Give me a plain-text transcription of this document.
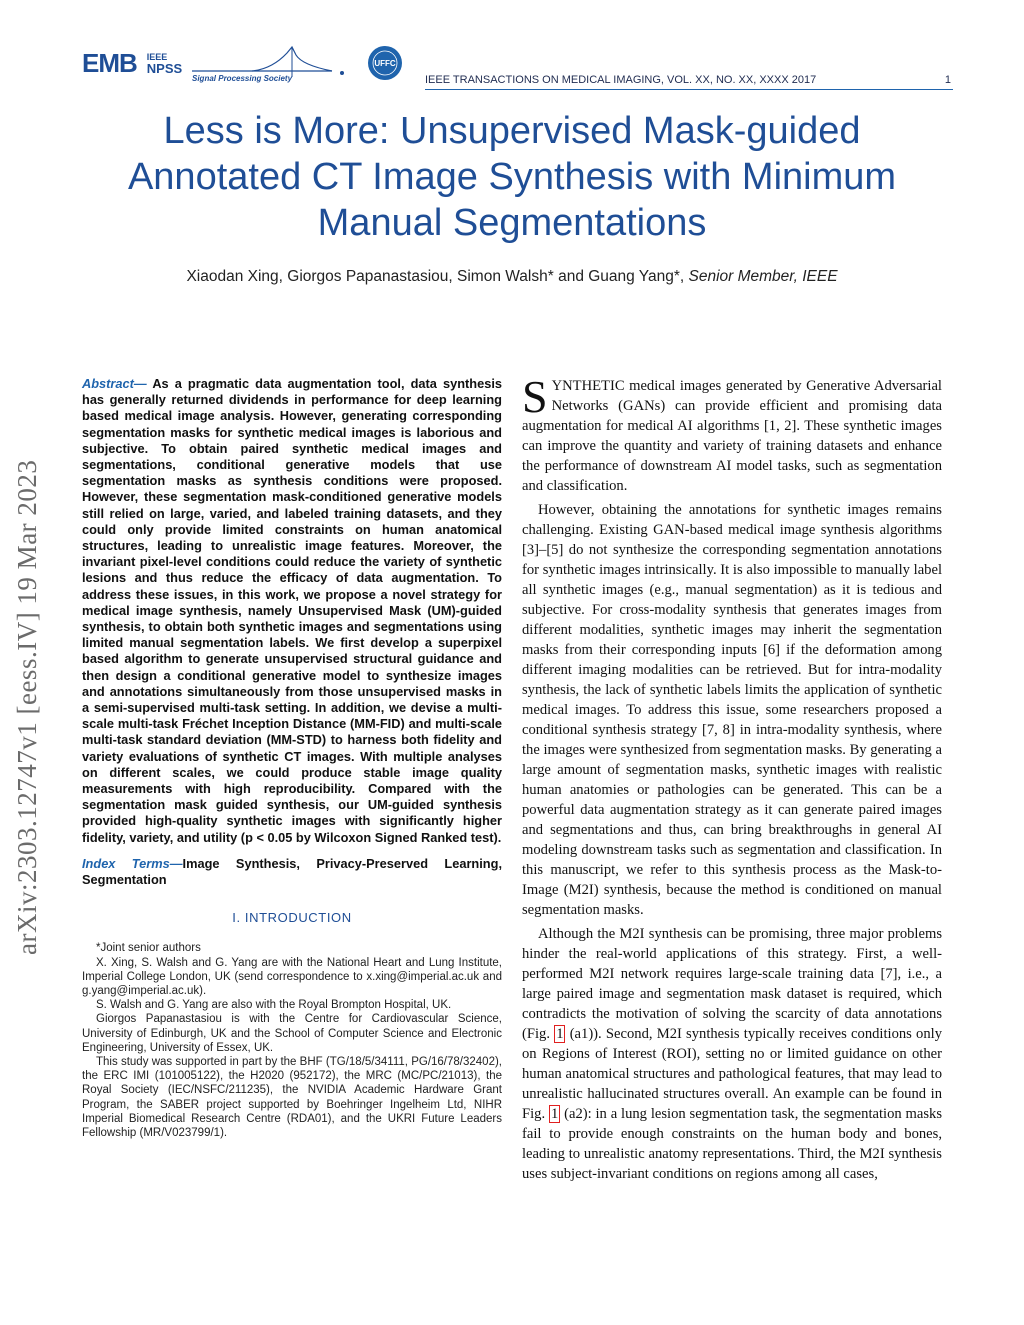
EMB IEEE
NPSS
Signal Processing Society
UFFC
IEEE TRANSACTIONS ON MEDICAL IMAGING, VOL. XX, NO. XX, XXXX 2017	1
Less is More: Unsupervised Mask-guided Annotated CT Image Synthesis with Minimum Manual Segmentations
Xiaodan Xing, Giorgos Papanastasiou, Simon Walsh* and Guang Yang*, Senior Member, IEEE
arXiv:2303.12747v1 [eess.IV] 19 Mar 2023

Abstract— As a pragmatic data augmentation tool, data synthesis has generally returned dividends in performance for deep learning based medical image analysis. However, generating corresponding segmentation masks for synthetic medical images is laborious and subjective. To obtain paired synthetic medical images and segmentations, conditional generative models that use segmentation masks as synthesis conditions were proposed. However, these segmentation mask-conditioned generative models still relied on large, varied, and labeled training datasets, and they could only provide limited constraints on human anatomical structures, leading to unrealistic image features. Moreover, the invariant pixel-level conditions could reduce the variety of synthetic lesions and thus reduce the efficacy of data augmentation. To address these issues, in this work, we propose a novel strategy for medical image synthesis, namely Unsupervised Mask (UM)-guided synthesis, to obtain both synthetic images and segmentations using limited manual segmentation labels. We first develop a superpixel based algorithm to generate unsupervised structural guidance and then design a conditional generative model to synthesize images and annotations simultaneously from those unsupervised masks in a semi-supervised multi-task setting. In addition, we devise a multi-scale multi-task Fréchet Inception Distance (MM-FID) and multi-scale multi-task standard deviation (MM-STD) to harness both fidelity and variety evaluations of synthetic CT images. With multiple analyses on different scales, we could produce stable image quality measurements with high reproducibility. Compared with the segmentation mask guided synthesis, our UM-guided synthesis provided high-quality synthetic images with significantly higher fidelity, variety, and utility (p < 0.05 by Wilcoxon Signed Ranked test).

Index Terms—Image Synthesis, Privacy-Preserved Learning, Segmentation

I. INTRODUCTION

*Joint senior authors

X. Xing, S. Walsh and G. Yang are with the National Heart and Lung Institute, Imperial College London, UK (send correspondence to x.xing@imperial.ac.uk and g.yang@imperial.ac.uk).

S. Walsh and G. Yang are also with the Royal Brompton Hospital, UK.

Giorgos Papanastasiou is with the Centre for Cardiovascular Science, University of Edinburgh, UK and the School of Computer Science and Electronic Engineering, University of Essex, UK.

This study was supported in part by the BHF (TG/18/5/34111, PG/16/78/32402), the ERC IMI (101005122), the H2020 (952172), the MRC (MC/PC/21013), the Royal Society (IEC/NSFC/211235), the NVIDIA Academic Hardware Grant Program, the SABER project supported by Boehringer Ingelheim Ltd, NIHR Imperial Biomedical Research Centre (RDA01), and the UKRI Future Leaders Fellowship (MR/V023799/1).

SYNTHETIC medical images generated by Generative Adversarial Networks (GANs) can provide efficient and promising data augmentation for medical AI algorithms [1, 2]. These synthetic images can improve the quantity and variety of training datasets and enhance the performance of downstream AI model tasks, such as segmentation and classification.

However, obtaining the annotations for synthetic images remains challenging. Existing GAN-based medical image synthesis algorithms [3]–[5] do not synthesize the corresponding segmentation annotations for synthetic images intrinsically. It is also impossible to manually label all synthetic images (e.g., manual segmentation) as it is tedious and subjective. For cross-modality synthesis that generates images from different modalities, synthetic images may inherit the segmentation masks from their corresponding inputs [6] if the deformation among different imaging modalities can be retrieved. But for intra-modality synthesis, the lack of synthetic labels limits the application of synthetic medical images. To address this issue, some researchers proposed a conditional synthesis strategy [7, 8] in intra-modality synthesis, where the images were synthesized from segmentation masks. By generating a large amount of segmentation masks, synthetic images with realistic human anatomies or pathologies can be generated. This can be a powerful data augmentation strategy as it can generate paired images and segmentations and thus, can bring breakthroughs in general AI modeling downstream tasks such as segmentation and classification. In this manuscript, we refer to this synthesis process as the Mask-to-Image (M2I) synthesis, because the method is conditioned on manual segmentation masks.

Although the M2I synthesis can be promising, three major problems hinder the real-world applications of this strategy. First, a well-performed M2I network requires large-scale training data [7], i.e., a large paired image and segmentation mask dataset is required, which contradicts the motivation of solving the scarcity of data annotations (Fig. 1 (a1)). Second, M2I synthesis typically receives conditions only on Regions of Interest (ROI), setting no or limited guidance on other human anatomical structures and pathological features, that may lead to unrealistic hallucinated structures overall. An example can be found in Fig. 1 (a2): in a lung lesion segmentation task, the segmentation masks fail to provide enough constraints on the human body and bones, leading to unrealistic anatomy representations. Third, the M2I synthesis uses subject-invariant conditions on regions among all cases,
